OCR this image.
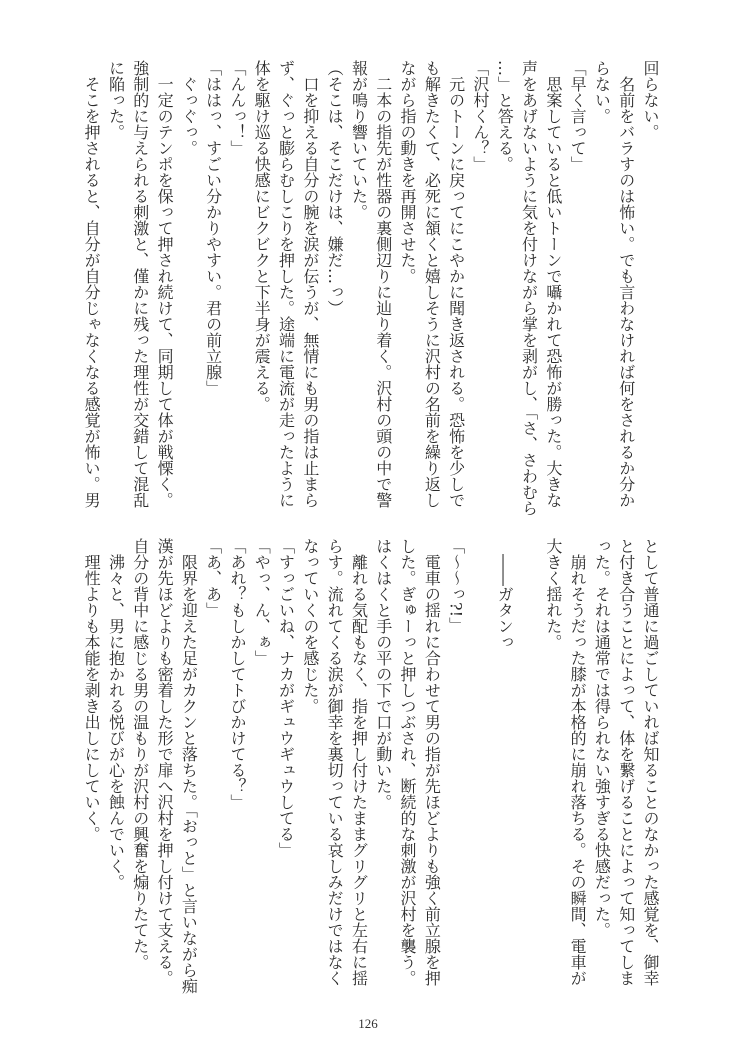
回らない。
　名前をバラすのは怖い。でも言わなければ何をされるか分か
らない。
「早く言って」
　思案していると低いトーンで囁かれて恐怖が勝った。大きな
声をあげないように気を付けながら掌を剥がし、「さ、さわむら
…」と答える。
「沢村くん？」
　元のトーンに戻ってにこやかに聞き返される。恐怖を少しで
も解きたくて、必死に頷くと嬉しそうに沢村の名前を繰り返し
ながら指の動きを再開させた。
　二本の指先が性器の裏側辺りに辿り着く。沢村の頭の中で警
報が鳴り響いていた。
（そこは、そこだけは、嫌だ…っ）
　口を抑える自分の腕を涙が伝うが、無情にも男の指は止まら
ず、ぐっと膨らむしこりを押した。途端に電流が走ったように
体を駆け巡る快感にビクビクと下半身が震える。
「んんっ！」
「ははっ、すごい分かりやすい。君の前立腺」
　ぐっぐっ。
　一定のテンポを保って押され続けて、同期して体が戦慄く。
強制的に与えられる刺激と、僅かに残った理性が交錯して混乱
に陥った。
　そこを押されると、自分が自分じゃなくなる感覚が怖い。男
として普通に過ごしていれば知ることのなかった感覚を、御幸
と付き合うことによって、体を繋げることによって知ってしま
った。それは通常では得られない強すぎる快感だった。
　崩れそうだった膝が本格的に崩れ落ちる。その瞬間、電車が
大きく揺れた。

　――ガタンっ

「〜〜っ?!」
　電車の揺れに合わせて男の指が先ほどよりも強く前立腺を押
した。ぎゅーっと押しつぶされ、断続的な刺激が沢村を襲う。
はくはくと手の平の下で口が動いた。
　離れる気配もなく、指を押し付けたままグリグリと左右に揺
らす。流れてくる涙が御幸を裏切っている哀しみだけではなく
なっていくのを感じた。
「すっごいね、ナカがギュウギュウしてる」
「やっ、ん、ぁ」
「あれ？もしかしてトびかけてる？」
「あ、あ」
　限界を迎えた足がカクンと落ちた。「おっと」と言いながら痴
漢が先ほどよりも密着した形で扉へ沢村を押し付けて支える。
自分の背中に感じる男の温もりが沢村の興奮を煽りたてた。
　沸々と、男に抱かれる悦びが心を蝕んでいく。
　理性よりも本能を剥き出しにしていく。
126
